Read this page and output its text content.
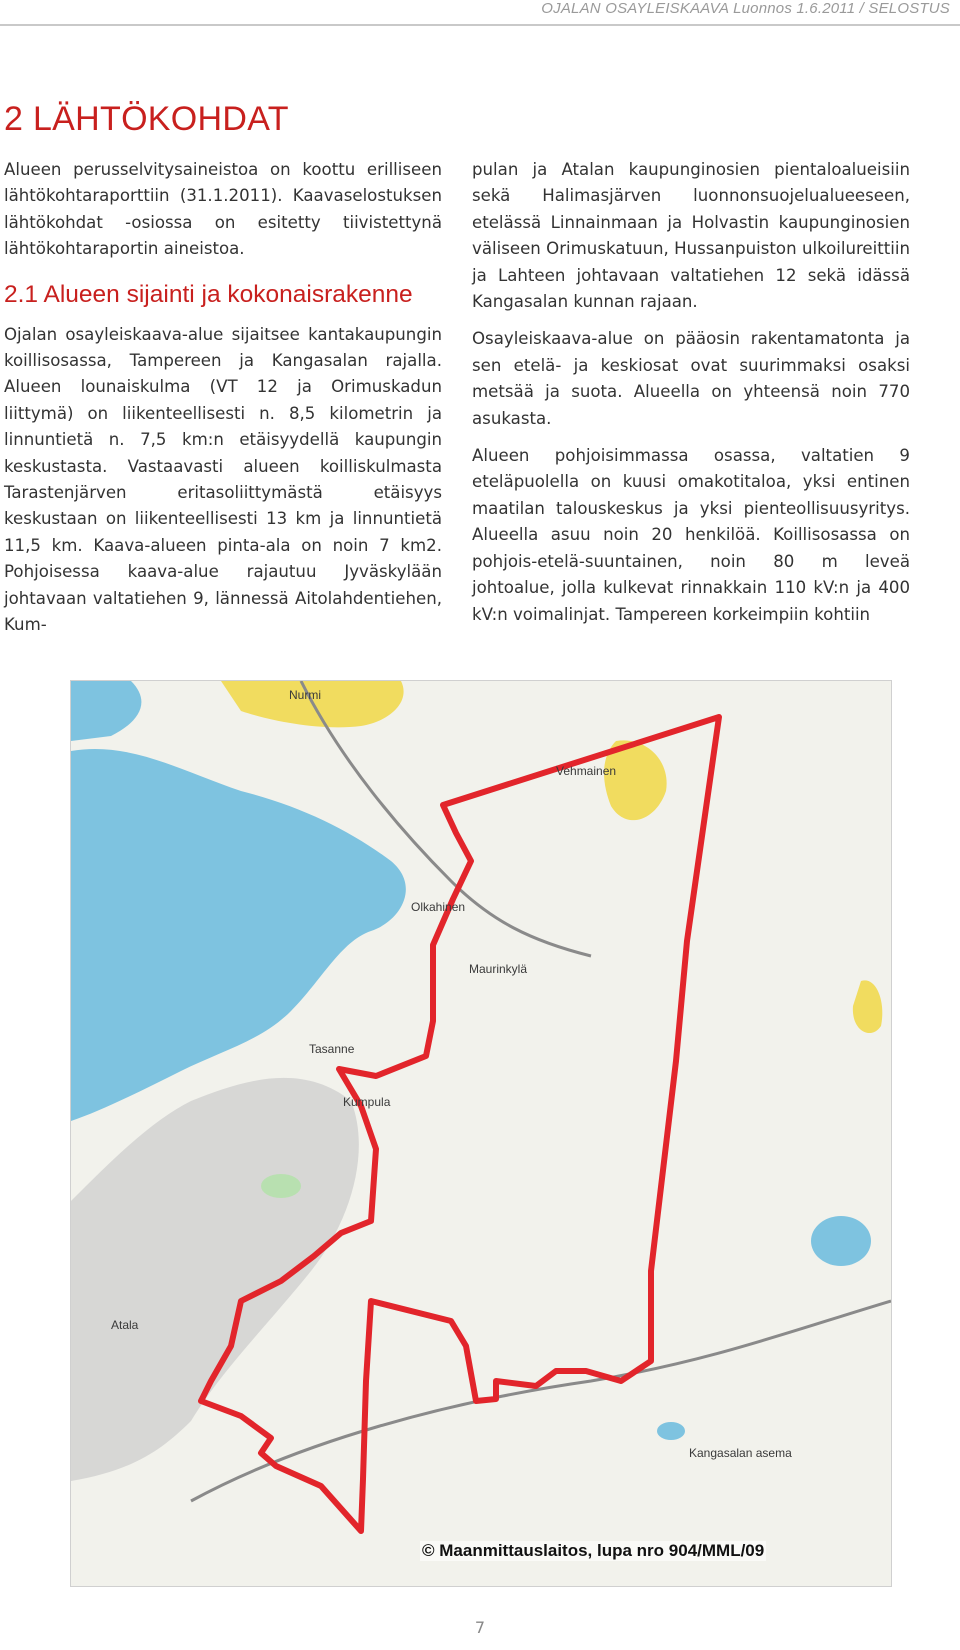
OJALAN OSAYLEISKAAVA Luonnos 1.6.2011 / SELOSTUS
2 LÄHTÖKOHDAT

Alueen perusselvitysaineistoa on koottu erilliseen lähtökohtaraporttiin (31.1.2011). Kaavaselostuksen lähtökohdat -osiossa on esitetty tiivistettynä lähtökohtaraportin aineistoa.

2.1 Alueen sijainti ja kokonaisrakenne

Ojalan osayleiskaava-alue sijaitsee kantakaupungin koillisosassa, Tampereen ja Kangasalan rajalla. Alueen lounaiskulma (VT 12 ja Orimuskadun liittymä) on liikenteellisesti n. 8,5 kilometrin ja linnuntietä n. 7,5 km:n etäisyydellä kaupungin keskustasta. Vastaavasti alueen koilliskulmasta Tarastenjärven eritasoliittymästä etäisyys keskustaan on liikenteellisesti 13 km ja linnuntietä 11,5 km. Kaava-alueen pinta-ala on noin 7 km2. Pohjoisessa kaava-alue rajautuu Jyväskylään johtavaan valtatiehen 9, lännessä Aitolahdentiehen, Kum-

pulan ja Atalan kaupunginosien pientaloalueisiin sekä Halimasjärven luonnonsuojelualueeseen, etelässä Linnainmaan ja Holvastin kaupunginosien väliseen Orimuskatuun, Hussanpuiston ulkoilureittiin ja Lahteen johtavaan valtatiehen 12 sekä idässä Kangasalan kunnan rajaan.

Osayleiskaava-alue on pääosin rakentamatonta ja sen etelä- ja keskiosat ovat suurimmaksi osaksi metsää ja suota. Alueella on yhteensä noin 770 asukasta.

Alueen pohjoisimmassa osassa, valtatien 9 eteläpuolella on kuusi omakotitaloa, yksi entinen maatilan talouskeskus ja yksi pienteollisuusyritys. Alueella asuu noin 20 henkilöä. Koillisosassa on pohjois-etelä-suuntainen, noin 80 m leveä johtoalue, jolla kulkevat rinnakkain 110 kV:n ja 400 kV:n voimalinjat. Tampereen korkeimpiin kohtiin

Nurmi
Olkahinen
Maurinkylä
Tasanne
Kumpula
Atala
Kangasalan asema
Vehmainen
© Maanmittauslaitos, lupa nro 904/MML/09
7
